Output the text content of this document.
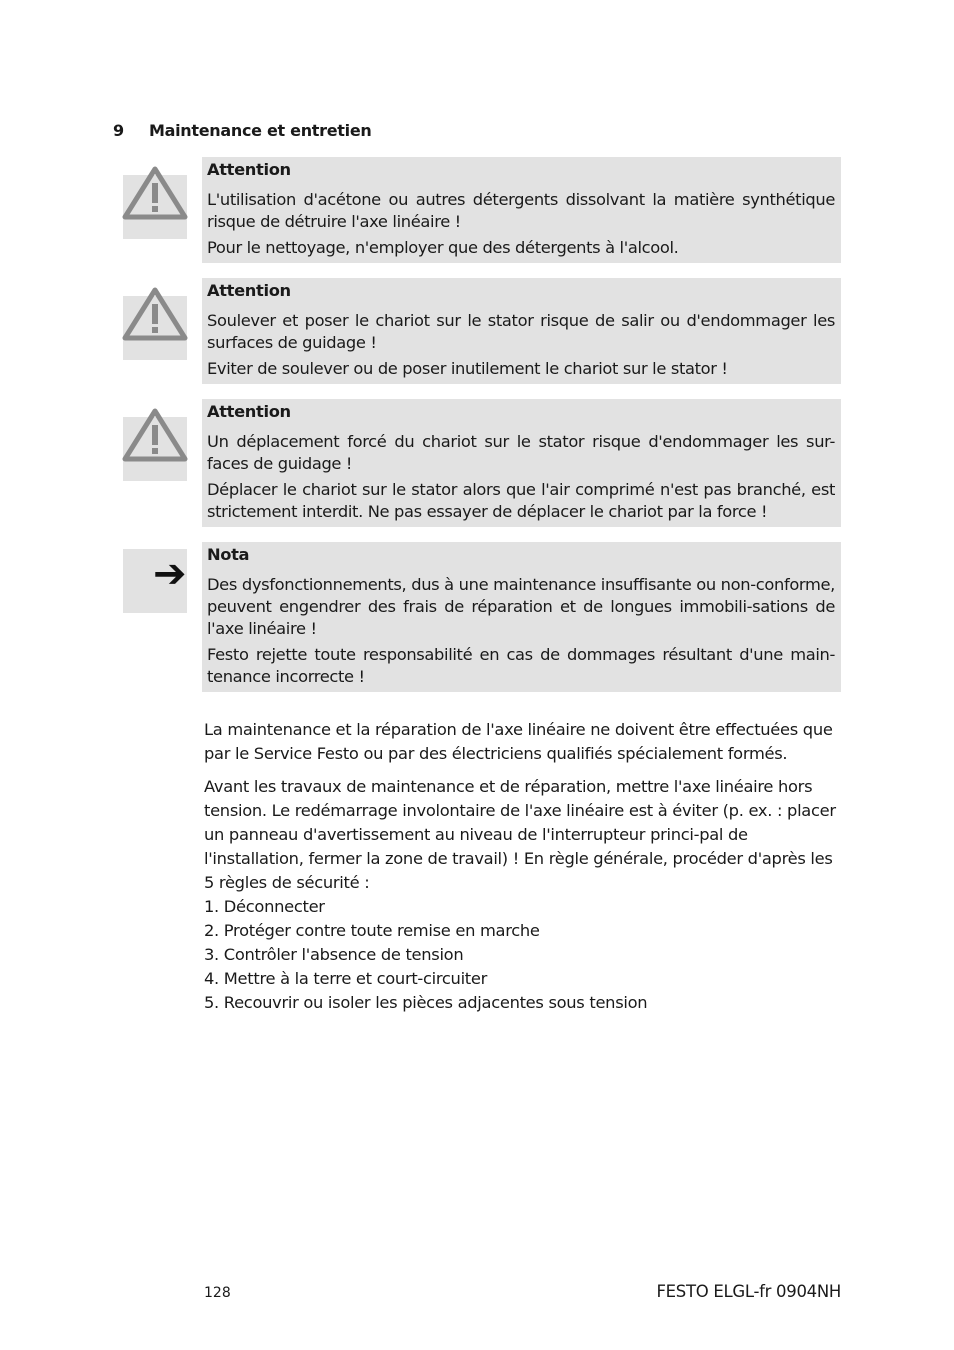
9 Maintenance et entretien
Attention

L'utilisation d'acétone ou autres détergents dissolvant la matière synthétique risque de détruire l'axe linéaire !

Pour le nettoyage, n'employer que des détergents à l'alcool.

Attention

Soulever et poser le chariot sur le stator risque de salir ou d'endommager les surfaces de guidage !

Eviter de soulever ou de poser inutilement le chariot sur le stator !

Attention

Un déplacement forcé du chariot sur le stator risque d'endommager les sur-faces de guidage !

Déplacer le chariot sur le stator alors que l'air comprimé n'est pas branché, est strictement interdit. Ne pas essayer de déplacer le chariot par la force !

➔ Nota

Des dysfonctionnements, dus à une maintenance insuffisante ou non-conforme, peuvent engendrer des frais de réparation et de longues immobili-sations de l'axe linéaire !

Festo rejette toute responsabilité en cas de dommages résultant d'une main-tenance incorrecte !

La maintenance et la réparation de l'axe linéaire ne doivent être effectuées que par le Service Festo ou par des électriciens qualifiés spécialement formés.

Avant les travaux de maintenance et de réparation, mettre l'axe linéaire hors tension. Le redémarrage involontaire de l'axe linéaire est à éviter (p. ex. : placer un panneau d'avertissement au niveau de l'interrupteur princi-pal de l'installation, fermer la zone de travail) ! En règle générale, procéder d'après les 5 règles de sécurité :

1. Déconnecter
2. Protéger contre toute remise en marche
3. Contrôler l'absence de tension
4. Mettre à la terre et court-circuiter
5. Recouvrir ou isoler les pièces adjacentes sous tension
128	FESTO ELGL-fr 0904NH
